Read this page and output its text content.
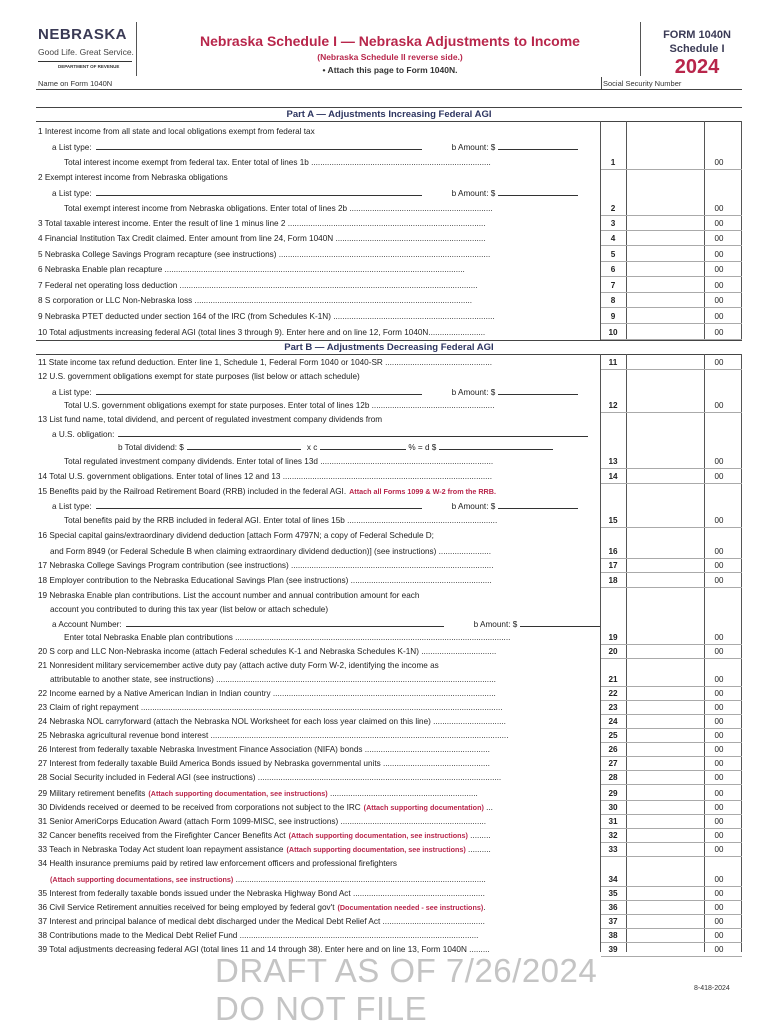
NEBRASKA
Good Life. Great Service.
DEPARTMENT OF REVENUE
Nebraska Schedule I — Nebraska Adjustments to Income
(Nebraska Schedule II reverse side.)
• Attach this page to Form 1040N.
FORM 1040N
Schedule I
2024
Name on Form 1040N	Social Security Number
Part A — Adjustments Increasing Federal AGI
Part B — Adjustments Decreasing Federal AGI
1 Interest income from all state and local obligations exempt from federal tax
a List type:	b Amount: $
Total interest income exempt from federal tax. Enter total of lines 1b ...............................................................................	1	00
2 Exempt interest income from Nebraska obligations
a List type:	b Amount: $
Total exempt interest income from Nebraska obligations. Enter total of lines 2b ...............................................................	2	00
3 Total taxable interest income. Enter the result of line 1 minus line 2 .......................................................................................	3	00
4 Financial Institution Tax Credit claimed. Enter amount from line 24, Form 1040N ..................................................................	4	00
5 Nebraska College Savings Program recapture (see instructions) .............................................................................................	5	00
6 Nebraska Enable plan recapture ....................................................................................................................................	6	00
7 Federal net operating loss deduction ...................................................................................................................................	7	00
8 S corporation or LLC Non-Nebraska loss ..........................................................................................................................	8	00
9 Nebraska PTET deducted under section 164 of the IRC (from Schedules K-1N) .......................................................................	9	00
10 Total adjustments increasing federal AGI (total lines 3 through 9). Enter here and on line 12, Form 1040N.........................	10	00
11 State income tax refund deduction. Enter line 1, Schedule 1, Federal Form 1040 or 1040-SR ...............................................	11	00
12 U.S. government obligations exempt for state purposes (list below or attach schedule)
a List type:	b Amount: $
Total U.S. government obligations exempt for state purposes. Enter total of lines 12b ......................................................	12	00
13 List fund name, total dividend, and percent of regulated investment company dividends from
a U.S. obligation:
b Total dividend: $	x c	% = d $
Total regulated investment company dividends. Enter total of lines 13d ............................................................................	13	00
14 Total U.S. government obligations. Enter total of lines 12 and 13 ............................................................................................	14	00
15 Benefits paid by the Railroad Retirement Board (RRB) included in the federal AGI. Attach all Forms 1099 & W-2 from the RRB.
a List type:	b Amount: $
Total benefits paid by the RRB included in federal AGI. Enter total of lines 15b ..................................................................	15	00
16 Special capital gains/extraordinary dividend deduction [attach Form 4797N; a copy of Federal Schedule D;
and Form 8949 (or Federal Schedule B when claiming extraordinary dividend deduction)] (see instructions) .......................	16	00
17 Nebraska College Savings Program contribution (see instructions) .........................................................................................	17	00
18 Employer contribution to the Nebraska Educational Savings Plan (see instructions) ..............................................................	18	00
19 Nebraska Enable plan contributions. List the account number and annual contribution amount for each
account you contributed to during this tax year (list below or attach schedule)
a Account Number:	b Amount: $
Enter total Nebraska Enable plan contributions .........................................................................................................................	19	00
20 S corp and LLC Non-Nebraska income (attach Federal schedules K-1 and Nebraska Schedules K-1N) .................................	20	00
21 Nonresident military servicemember active duty pay (attach active duty Form W-2, identifying the income as
attributable to another state, see instructions) ...........................................................................................................................	21	00
22 Income earned by a Native American Indian in Indian country ..................................................................................................	22	00
23 Claim of right repayment ...............................................................................................................................................................	23	00
24 Nebraska NOL carryforward (attach the Nebraska NOL Worksheet for each loss year claimed on this line) ................................	24	00
25 Nebraska agricultural revenue bond interest ...................................................................................................................................	25	00
26 Interest from federally taxable Nebraska Investment Finance Association (NIFA) bonds .......................................................	26	00
27 Interest from federally taxable Build America Bonds issued by Nebraska governmental units ...............................................	27	00
28 Social Security included in Federal AGI (see instructions) ...........................................................................................................	28	00
29 Military retirement benefits (Attach supporting documentation, see instructions) .................................................................	29	00
30 Dividends received or deemed to be received from corporations not subject to the IRC (Attach supporting documentation) ...	30	00
31 Senior AmeriCorps Education Award (attach Form 1099-MISC, see instructions) ................................................................	31	00
32 Cancer benefits received from the Firefighter Cancer Benefits Act (Attach supporting documentation, see instructions) .........	32	00
33 Teach in Nebraska Today Act student loan repayment assistance (Attach supporting documentation, see instructions) ..........	33	00
34 Health insurance premiums paid by retired law enforcement officers and professional firefighters
(Attach supporting documentations, see instructions) ..............................................................................................................	34	00
35 Interest from federally taxable bonds issued under the Nebraska Highway Bond Act ..........................................................	35	00
36 Civil Service Retirement annuities received for being employed by federal gov't (Documentation needed - see instructions).	36	00
37 Interest and principal balance of medical debt discharged under the Medical Debt Relief Act .............................................	37	00
38 Contributions made to the Medical Debt Relief Fund .........................................................................................................	38	00
39 Total adjustments decreasing federal AGI (total lines 11 and 14 through 38). Enter here and on line 13, Form 1040N .........	39	00
DRAFT AS OF 7/26/2024
DO NOT FILE
8-418-2024
